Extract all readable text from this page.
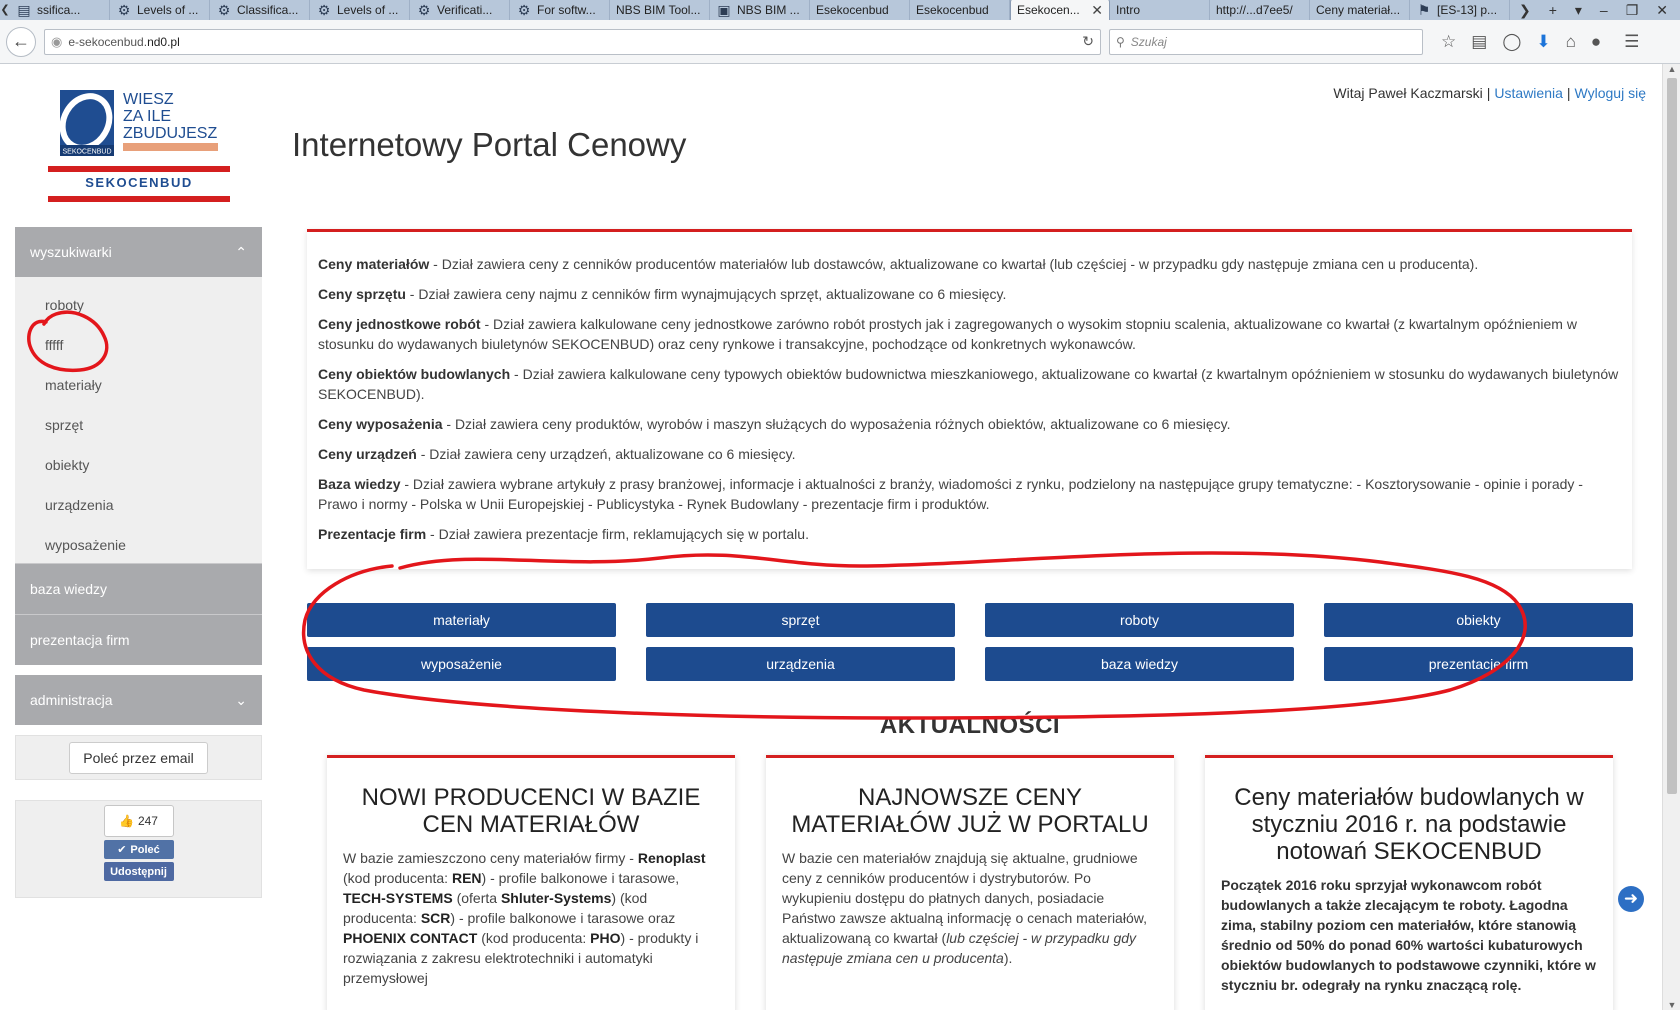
❮ ▤ ssifica...	⚙ Levels of ... ⚙ Classifica... ⚙ Levels of ... ⚙ Verificati... ⚙ For softw... NBS BIM Tool... ▣ NBS BIM ... Esekocenbud Esekocenbud Esekocen... ✕ Intro	http://...d7ee5/ Ceny materiał... ⚑ [ES-13] p... ❯ + ▾ – ❐ ✕
← ◉ e-sekocenbud.nd0.pl	↻ ⚲ Szukaj	☆ ▤ ◯ ⬇ ⌂ ● ☰
SEKOCENBUD
WIESZ
ZA ILE
ZBUDUJESZ
SEKOCENBUD
Witaj Paweł Kaczmarski | Ustawienia | Wyloguj się
Internetowy Portal Cenowy
wyszukiwarki	⌃
roboty
fffff
materiały
sprzęt
obiekty
urządzenia
wyposażenie
baza wiedzy
prezentacja firm
administracja	⌄
Poleć przez email
👍 247
✔ Poleć
Udostępnij

Ceny materiałów - Dział zawiera ceny z cenników producentów materiałów lub dostawców, aktualizowane co kwartał (lub częściej - w przypadku gdy następuje zmiana cen u producenta).

Ceny sprzętu - Dział zawiera ceny najmu z cenników firm wynajmujących sprzęt, aktualizowane co 6 miesięcy.

Ceny jednostkowe robót - Dział zawiera kalkulowane ceny jednostkowe zarówno robót prostych jak i zagregowanych o wysokim stopniu scalenia, aktualizowane co kwartał (z kwartalnym opóźnieniem w stosunku do wydawanych biuletynów SEKOCENBUD) oraz ceny rynkowe i transakcyjne, pochodzące od konkretnych wykonawców.

Ceny obiektów budowlanych - Dział zawiera kalkulowane ceny typowych obiektów budownictwa mieszkaniowego, aktualizowane co kwartał (z kwartalnym opóźnieniem w stosunku do wydawanych biuletynów SEKOCENBUD).

Ceny wyposażenia - Dział zawiera ceny produktów, wyrobów i maszyn służących do wyposażenia różnych obiektów, aktualizowane co 6 miesięcy.

Ceny urządzeń - Dział zawiera ceny urządzeń, aktualizowane co 6 miesięcy.

Baza wiedzy - Dział zawiera wybrane artykuły z prasy branżowej, informacje i aktualności z branży, wiadomości z rynku, podzielony na następujące grupy tematyczne: - Kosztorysowanie - opinie i porady - Prawo i normy - Polska w Unii Europejskiej - Publicystyka - Rynek Budowlany - prezentacje firm i produktów.

Prezentacje firm - Dział zawiera prezentacje firm, reklamujących się w portalu.

materiały	sprzęt	roboty	obiekty
wyposażenie	urządzenia	baza wiedzy	prezentacje firm
AKTUALNOŚCI
NOWI PRODUCENCI W BAZIE CEN MATERIAŁÓW
W bazie zamieszczono ceny materiałów firmy - Renoplast (kod producenta: REN) - profile balkonowe i tarasowe, TECH-SYSTEMS (oferta Shluter-Systems) (kod producenta: SCR) - profile balkonowe i tarasowe oraz PHOENIX CONTACT (kod producenta: PHO) - produkty i rozwiązania z zakresu elektrotechniki i automatyki przemysłowej
NAJNOWSZE CENY MATERIAŁÓW JUŻ W PORTALU
W bazie cen materiałów znajdują się aktualne, grudniowe ceny z cenników producentów i dystrybutorów. Po wykupieniu dostępu do płatnych danych, posiadacie Państwo zawsze aktualną informację o cenach materiałów, aktualizowaną co kwartał (lub częściej - w przypadku gdy następuje zmiana cen u producenta).
Ceny materiałów budowlanych w styczniu 2016 r. na podstawie notowań SEKOCENBUD
Początek 2016 roku sprzyjał wykonawcom robót budowlanych a także zlecającym te roboty. Łagodna zima, stabilny poziom cen materiałów, które stanowią średnio od 50% do ponad 60% wartości kubaturowych obiektów budowlanych to podstawowe czynniki, które w styczniu br. odegrały na rynku znaczącą rolę.
➜
▲
▼
